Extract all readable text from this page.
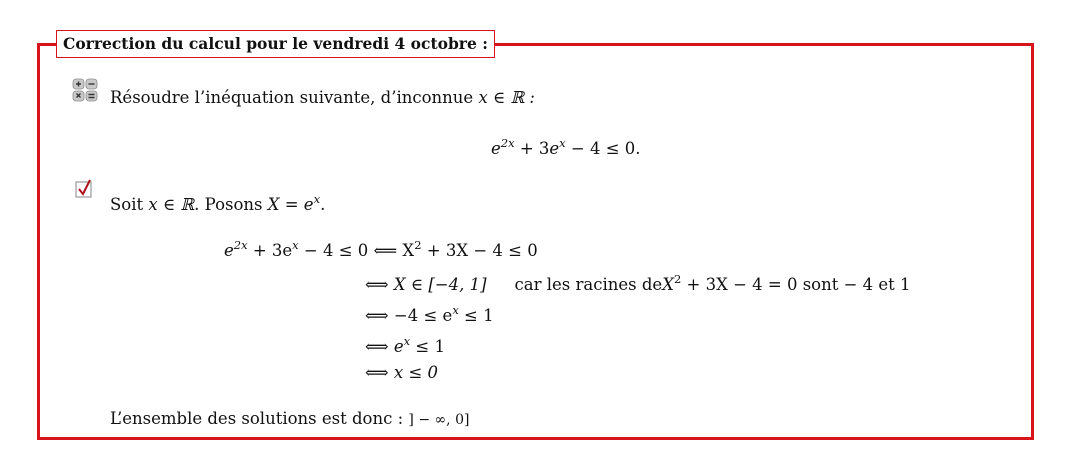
Correction du calcul pour le vendredi 4 octobre :
Résoudre l’inéquation suivante, d’inconnue x ∈ ℝ :
$e^{2x} + 3e^x - 4 \le 0$.
Soit x ∈ ℝ. Posons $X = e^x$.
$e^{2x} + 3e^x - 4 \le 0$ ⟸ $X^2 + 3X - 4 \le 0$
⟺ X ∈ [−4, 1] car les racines deX$^2$ + 3X − 4 = 0 sont − 4 et 1
⟺ $-4 \le e^x \le 1$
⟺ $e^x \le 1$
⟺ x ≤ 0
L’ensemble des solutions est donc : ] − ∞, 0]
